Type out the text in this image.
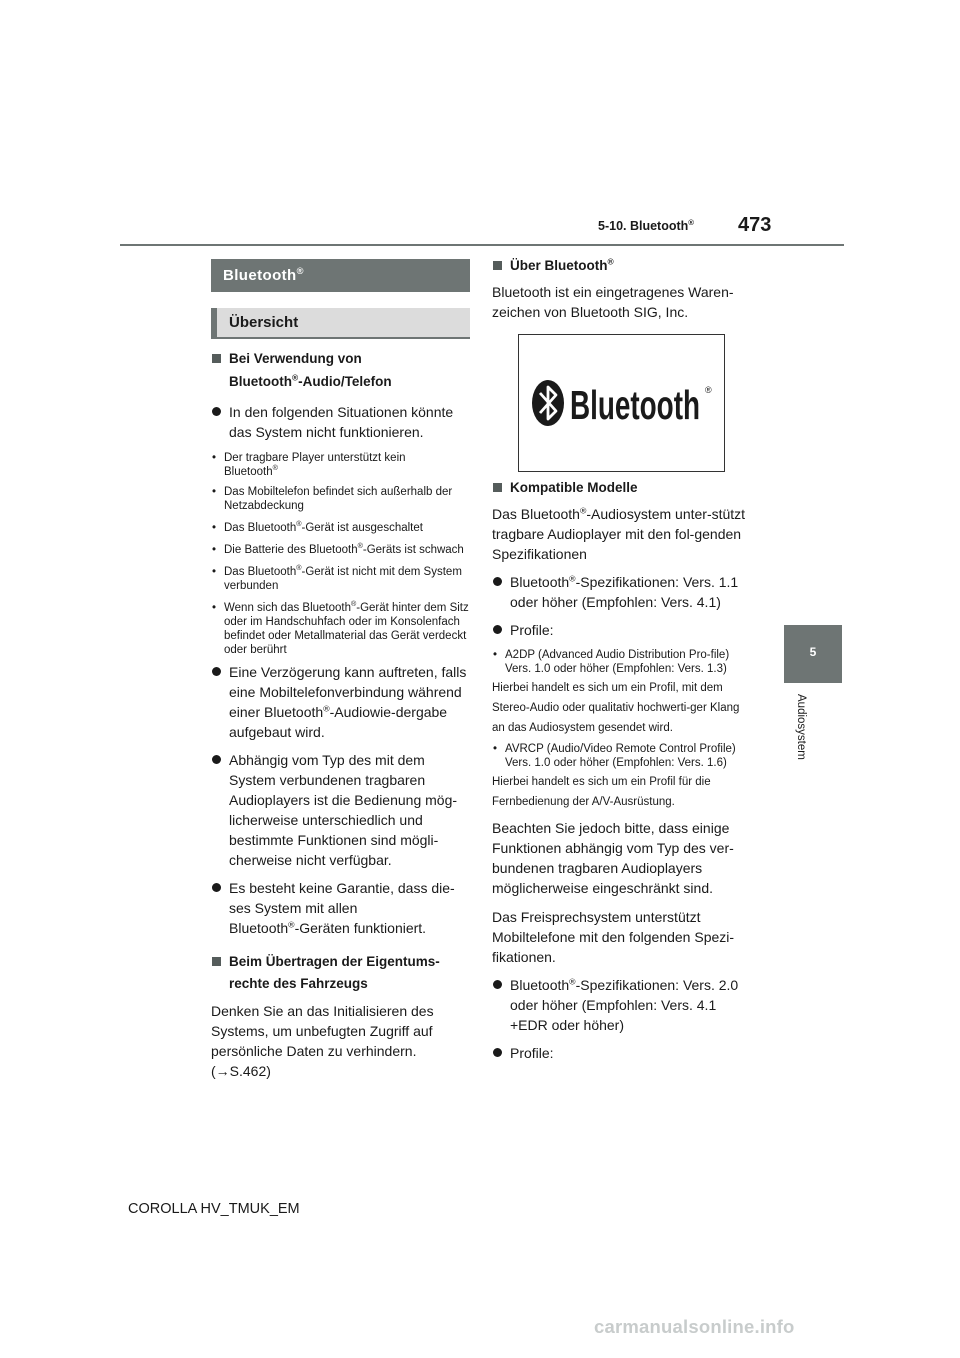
5-10. Bluetooth® 473
5
Audiosystem
Bluetooth®
Übersicht
Bei Verwendung von
Bluetooth®-Audio/Telefon
In den folgenden Situationen könnte das System nicht funktionieren.
• Der tragbare Player unterstützt kein
Bluetooth®
• Das Mobiltelefon befindet sich außerhalb der Netzabdeckung
• Das Bluetooth®-Gerät ist ausgeschaltet
• Die Batterie des Bluetooth®-Geräts ist schwach
• Das Bluetooth®-Gerät ist nicht mit dem System verbunden
• Wenn sich das Bluetooth®-Gerät hinter dem Sitz oder im Handschuhfach oder im Konsolenfach befindet oder Metallmaterial das Gerät verdeckt oder berührt
Eine Verzögerung kann auftreten, falls eine Mobiltelefonverbindung während einer Bluetooth®-Audiowie-dergabe aufgebaut wird.
Abhängig vom Typ des mit dem System verbundenen tragbaren Audioplayers ist die Bedienung mög-licherweise unterschiedlich und bestimmte Funktionen sind mögli-cherweise nicht verfügbar.
Es besteht keine Garantie, dass die-ses System mit allen
Bluetooth®-Geräten funktioniert.
Beim Übertragen der Eigentums-rechte des Fahrzeugs
Denken Sie an das Initialisieren des Systems, um unbefugten Zugriff auf persönliche Daten zu verhindern.
(→S.462)
Über Bluetooth®
Bluetooth ist ein eingetragenes Waren-zeichen von Bluetooth SIG, Inc.
Bluetooth ®
Kompatible Modelle
Das Bluetooth®-Audiosystem unter-stützt tragbare Audioplayer mit den fol-genden Spezifikationen
Bluetooth®-Spezifikationen: Vers. 1.1 oder höher (Empfohlen: Vers. 4.1)
Profile:
• A2DP (Advanced Audio Distribution Pro-file) Vers. 1.0 oder höher (Empfohlen: Vers. 1.3)
Hierbei handelt es sich um ein Profil, mit dem Stereo-Audio oder qualitativ hochwerti-ger Klang an das Audiosystem gesendet wird.
• AVRCP (Audio/Video Remote Control Profile) Vers. 1.0 oder höher (Empfohlen: Vers. 1.6)
Hierbei handelt es sich um ein Profil für die Fernbedienung der A/V-Ausrüstung.
Beachten Sie jedoch bitte, dass einige Funktionen abhängig vom Typ des ver-bundenen tragbaren Audioplayers möglicherweise eingeschränkt sind.
Das Freisprechsystem unterstützt Mobiltelefone mit den folgenden Spezi-fikationen.
Bluetooth®-Spezifikationen: Vers. 2.0 oder höher (Empfohlen: Vers. 4.1 +EDR oder höher)
Profile:
COROLLA HV_TMUK_EM
carmanualsonline.info
